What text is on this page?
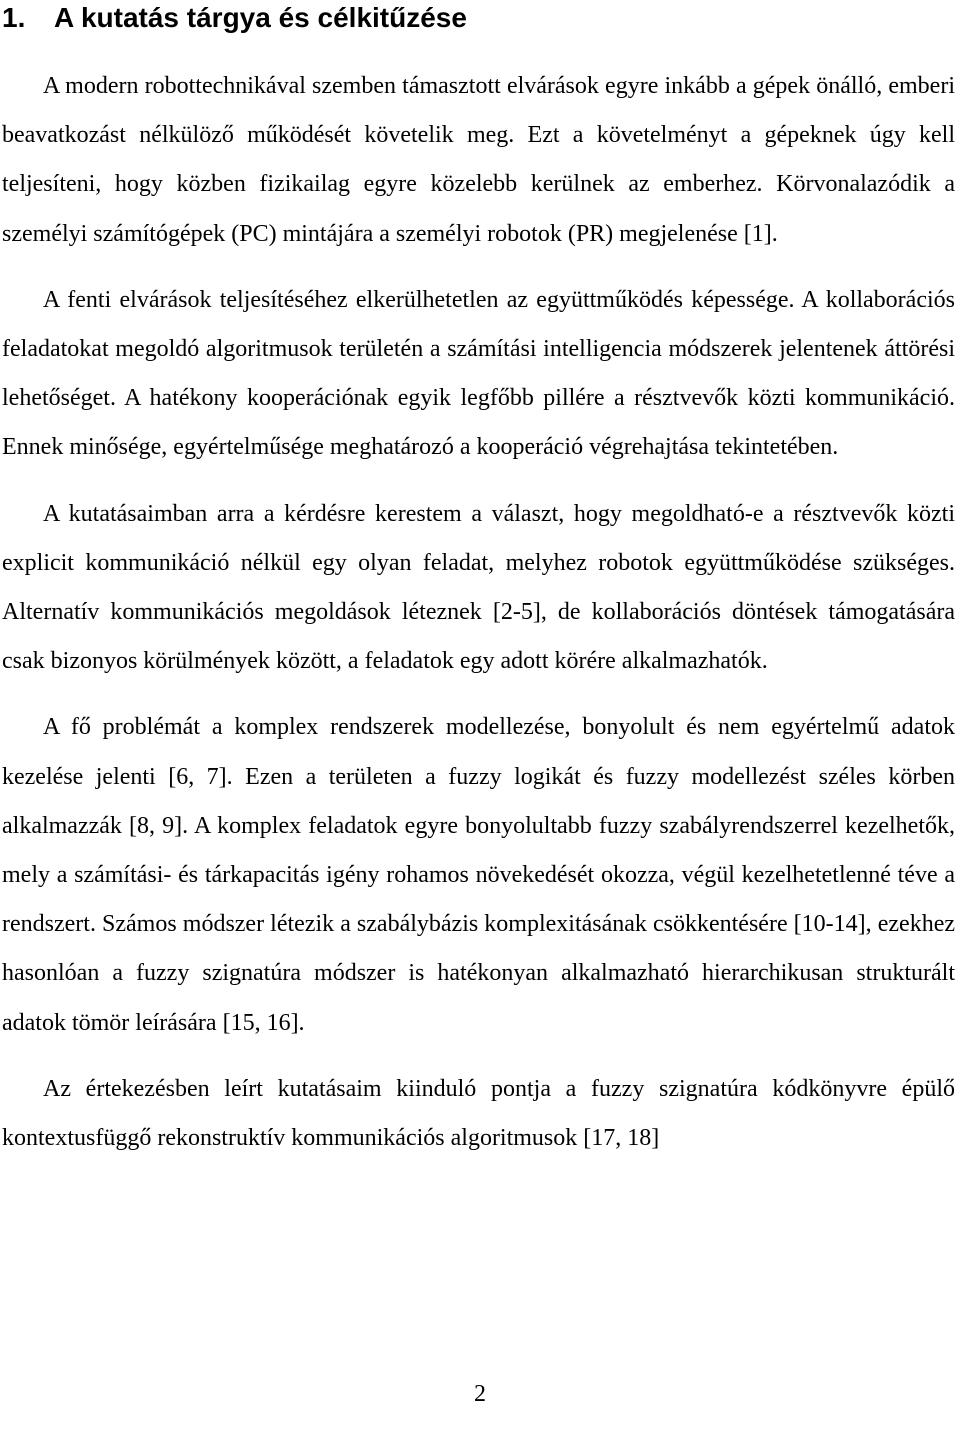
1. A kutatás tárgya és célkitűzése

A modern robottechnikával szemben támasztott elvárások egyre inkább a gépek önálló, emberi beavatkozást nélkülöző működését követelik meg. Ezt a követelményt a gépeknek úgy kell teljesíteni, hogy közben fizikailag egyre közelebb kerülnek az emberhez. Körvonalazódik a személyi számítógépek (PC) mintájára a személyi robotok (PR) megjelenése [1].

A fenti elvárások teljesítéséhez elkerülhetetlen az együttműködés képessége. A kollaborációs feladatokat megoldó algoritmusok területén a számítási intelligencia módszerek jelentenek áttörési lehetőséget. A hatékony kooperációnak egyik legfőbb pillére a résztvevők közti kommunikáció. Ennek minősége, egyértelműsége meghatározó a kooperáció végrehajtása tekintetében.

A kutatásaimban arra a kérdésre kerestem a választ, hogy megoldható-e a résztvevők közti explicit kommunikáció nélkül egy olyan feladat, melyhez robotok együttműködése szükséges. Alternatív kommunikációs megoldások léteznek [2-5], de kollaborációs döntések támogatására csak bizonyos körülmények között, a feladatok egy adott körére alkalmazhatók.

A fő problémát a komplex rendszerek modellezése, bonyolult és nem egyértelmű adatok kezelése jelenti [6, 7]. Ezen a területen a fuzzy logikát és fuzzy modellezést széles körben alkalmazzák [8, 9]. A komplex feladatok egyre bonyolultabb fuzzy szabályrendszerrel kezelhetők, mely a számítási- és tárkapacitás igény rohamos növekedését okozza, végül kezelhetetlenné téve a rendszert. Számos módszer létezik a szabálybázis komplexitásának csökkentésére [10-14], ezekhez hasonlóan a fuzzy szignatúra módszer is hatékonyan alkalmazható hierarchikusan strukturált adatok tömör leírására [15, 16].

Az értekezésben leírt kutatásaim kiinduló pontja a fuzzy szignatúra kódkönyvre épülő kontextusfüggő rekonstruktív kommunikációs algoritmusok [17, 18]

2
